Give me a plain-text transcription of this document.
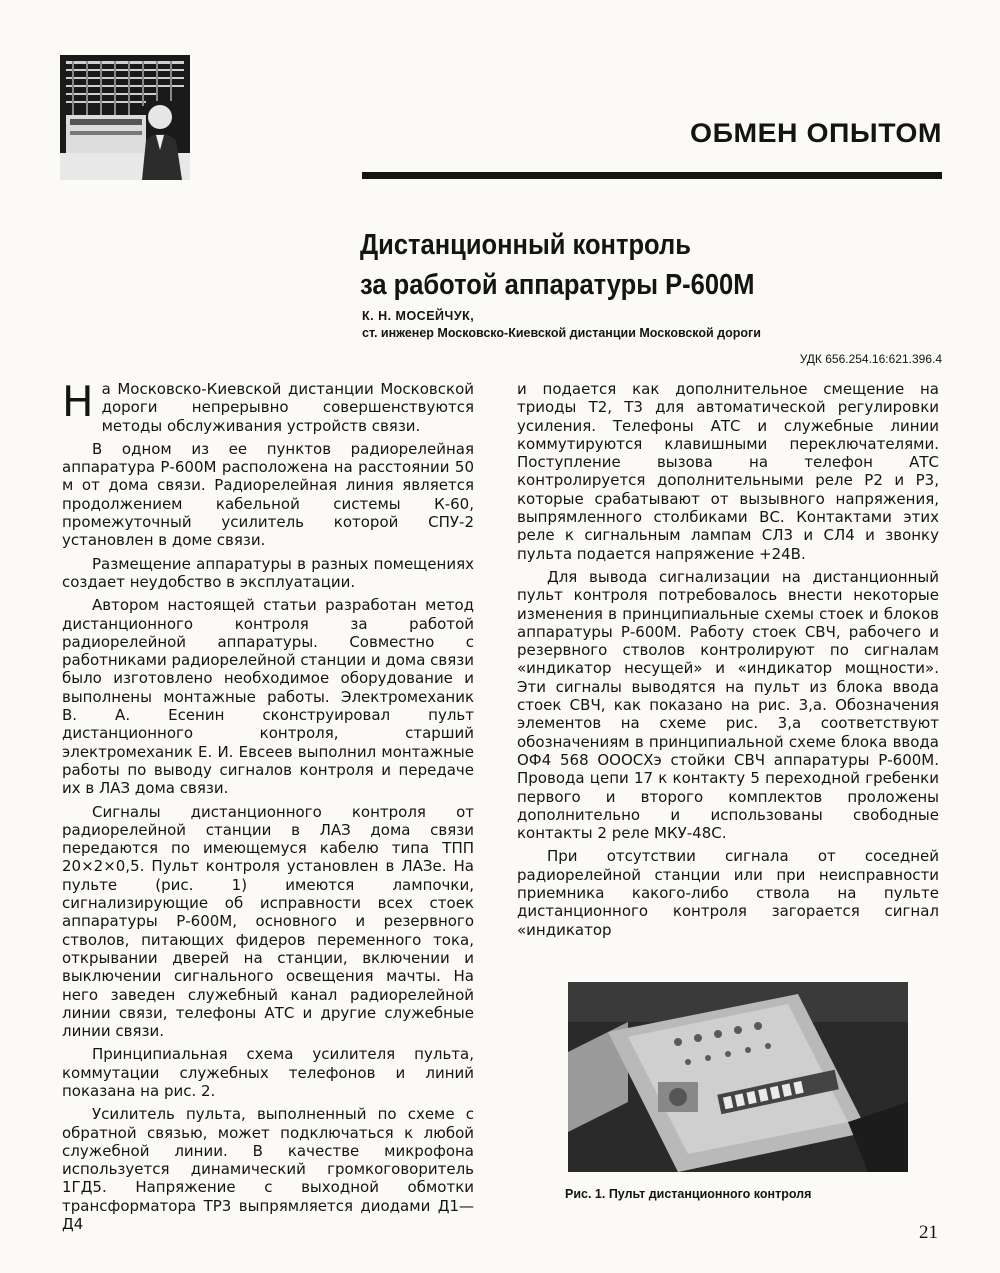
ОБМЕН ОПЫТОМ
Дистанционный контроль
за работой аппаратуры Р-600М
К. Н. МОСЕЙЧУК,
ст. инженер Московско-Киевской дистанции Московской дороги
УДК 656.254.16:621.396.4

На Московско-Киевской дистанции Московской дороги непрерывно совершенствуются методы обслуживания устройств связи.

В одном из ее пунктов радиорелейная аппаратура Р-600М расположена на расстоянии 50 м от дома связи. Радиорелейная линия является продолжением кабельной системы К-60, промежуточный усилитель которой СПУ-2 установлен в доме связи.

Размещение аппаратуры в разных помещениях создает неудобство в эксплуатации.

Автором настоящей статьи разработан метод дистанционного контроля за работой радиорелейной аппаратуры. Совместно с работниками радиорелейной станции и дома связи было изготовлено необходимое оборудование и выполнены монтажные работы. Электромеханик В. А. Есенин сконструировал пульт дистанционного контроля, старший электромеханик Е. И. Евсеев выполнил монтажные работы по выводу сигналов контроля и передаче их в ЛАЗ дома связи.

Сигналы дистанционного контроля от радиорелейной станции в ЛАЗ дома связи передаются по имеющемуся кабелю типа ТПП 20×2×0,5. Пульт контроля установлен в ЛАЗе. На пульте (рис. 1) имеются лампочки, сигнализирующие об исправности всех стоек аппаратуры Р-600М, основного и резервного стволов, питающих фидеров переменного тока, открывании дверей на станции, включении и выключении сигнального освещения мачты. На него заведен служебный канал радиорелейной линии связи, телефоны АТС и другие служебные линии связи.

Принципиальная схема усилителя пульта, коммутации служебных телефонов и линий показана на рис. 2.

Усилитель пульта, выполненный по схеме с обратной связью, может подключаться к любой служебной линии. В качестве микрофона используется динамический громкоговоритель 1ГД5. Напряжение с выходной обмотки трансформатора ТР3 выпрямляется диодами Д1—Д4

и подается как дополнительное смещение на триоды Т2, Т3 для автоматической регулировки усиления. Телефоны АТС и служебные линии коммутируются клавишными переключателями. Поступление вызова на телефон АТС контролируется дополнительными реле Р2 и Р3, которые срабатывают от вызывного напряжения, выпрямленного столбиками ВС. Контактами этих реле к сигнальным лампам СЛ3 и СЛ4 и звонку пульта подается напряжение +24В.

Для вывода сигнализации на дистанционный пульт контроля потребовалось внести некоторые изменения в принципиальные схемы стоек и блоков аппаратуры Р-600М. Работу стоек СВЧ, рабочего и резервного стволов контролируют по сигналам «индикатор несущей» и «индикатор мощности». Эти сигналы выводятся на пульт из блока ввода стоек СВЧ, как показано на рис. 3,а. Обозначения элементов на схеме рис. 3,а соответствуют обозначениям в принципиальной схеме блока ввода ОФ4 568 ОООСХэ стойки СВЧ аппаратуры Р-600М. Провода цепи 17 к контакту 5 переходной гребенки первого и второго комплектов проложены дополнительно и использованы свободные контакты 2 реле МКУ-48С.

При отсутствии сигнала от соседней радиорелейной станции или при неисправности приемника какого-либо ствола на пульте дистанционного контроля загорается сигнал «индикатор

Рис. 1. Пульт дистанционного контроля
21
